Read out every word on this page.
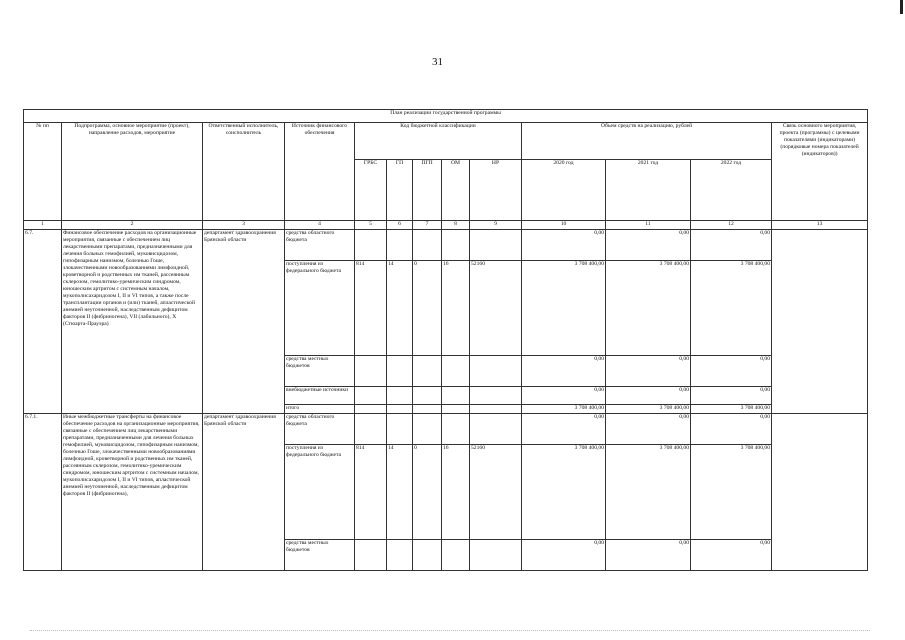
31
План реализации государственной программы												
№ пп	Подпрограмма, основное мероприятие (проект), направление расходов, мероприятие	Ответственный исполнитель, соисполнитель	Источник финансового обеспечения	Код бюджетной классификации					Объем средств на реализацию, рублей			Связь основного мероприятия, проекта (программы) с целевыми показателями (индикаторами) (порядковые номера показателей (индикаторов))
				ГРБС	ГП	ПГП	ОМ	НР	2020 год	2021 год	2022 год	
1	2	3	4	5	6	7	8	9	10	11	12	13
6.7.	Финансовое обеспечение расходов на организационные мероприятия, связанные с обеспечением лиц лекарственными препаратами, предназначенными для лечения больных гемофилией, муковисцидозом, гипофизарным нанизмом, болезнью Гоше, злокачественными новообразованиями лимфоидной, кроветворной и родственных им тканей, рассеянным склерозом, гемолитико-уремическим синдромом, юношеским артритом с системным началом, мукополисахаридозом I, II и VI типов, а также после трансплантации органов и (или) тканей, апластической анемией неуточненной, наследственным дефицитом факторов II (фибриногена), VII (лабильного), X (Стюарта-Прауэра)	департамент здравоохранения Брянской области	средства областного бюджета						0,00	0,00	0,00	
			поступления из федерального бюджета	814	14	0	16	52160	3 708 400,00	3 708 400,00	3 708 400,00	
			средства местных бюджетов						0,00	0,00	0,00	
			внебюджетные источники						0,00	0,00	0,00	
			итого						3 708 400,00	3 708 400,00	3 708 400,00	
6.7.1.	Иные межбюджетные трансферты на финансовое обеспечение расходов на организационные мероприятия, связанные с обеспечением лиц лекарственными препаратами, предназначенными для лечения больных гемофилией, муковисцидозом, гипофизарным нанизмом, болезнью Гоше, злокачественными новообразованиями лимфоидной, кроветворной и родственных им тканей, рассеянным склерозом, гемолитико-уремическим синдромом, юношеским артритом с системным началом, мукополисахаридозом I, II и VI типов, апластической анемией неуточненной, наследственным дефицитом факторов II (фибриногена),	департамент здравоохранения Брянской области	средства областного бюджета						0,00	0,00	0,00	
			поступления из федерального бюджета	814	14	0	16	52160	3 708 400,00	3 708 400,00	3 708 400,00	
			средства местных бюджетов						0,00	0,00	0,00	
